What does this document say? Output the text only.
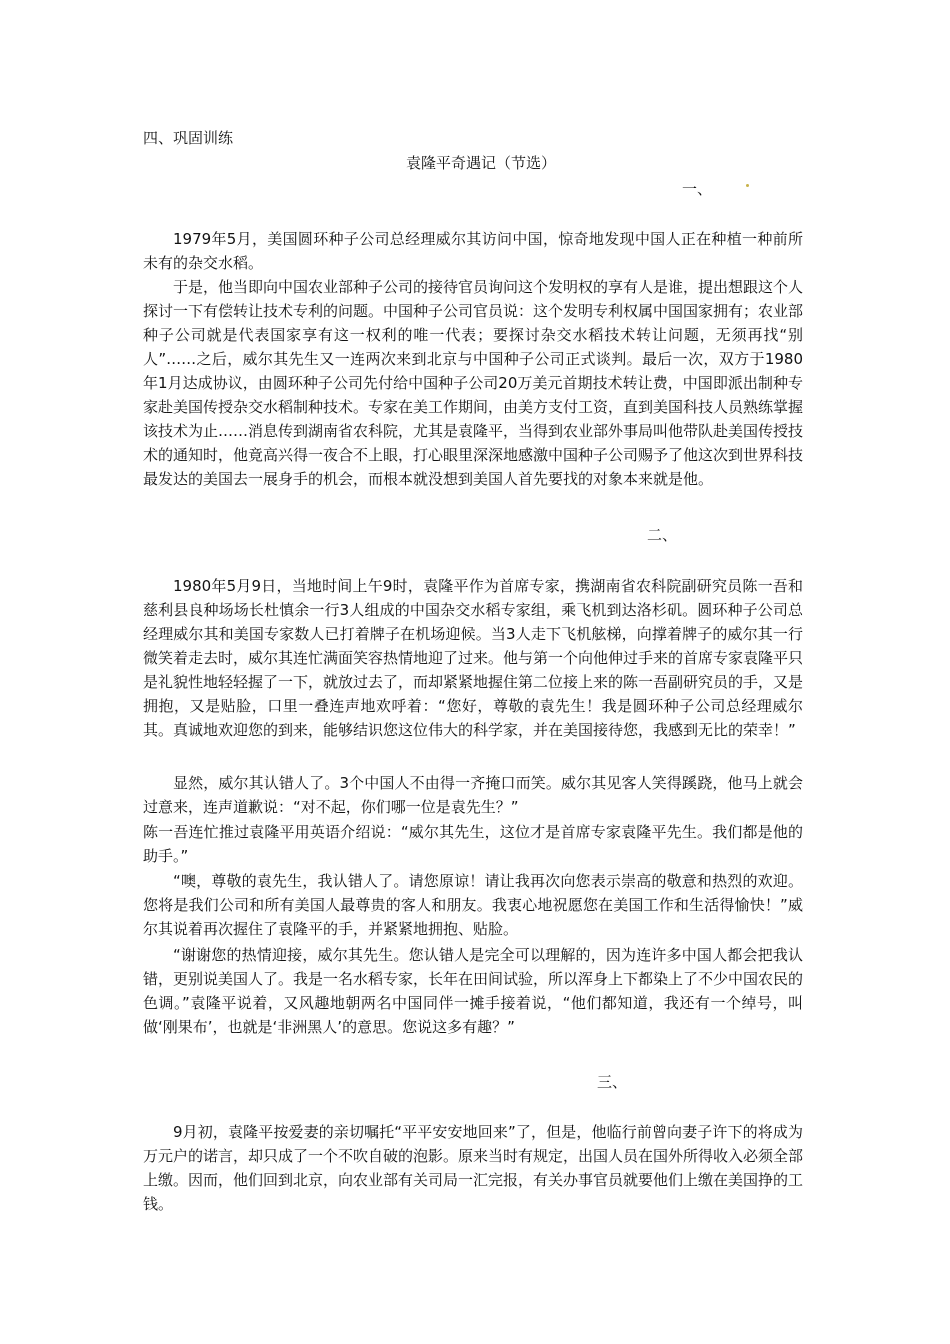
四、巩固训练
袁隆平奇遇记（节选）
一、

1979年5月，美国圆环种子公司总经理威尔其访问中国，惊奇地发现中国人正在种植一种前所未有的杂交水稻。

于是，他当即向中国农业部种子公司的接待官员询问这个发明权的享有人是谁，提出想跟这个人探讨一下有偿转让技术专利的问题。中国种子公司官员说：这个发明专利权属中国国家拥有；农业部种子公司就是代表国家享有这一权利的唯一代表；要探讨杂交水稻技术转让问题，无须再找“别人”……之后，威尔其先生又一连两次来到北京与中国种子公司正式谈判。最后一次，双方于1980年1月达成协议，由圆环种子公司先付给中国种子公司20万美元首期技术转让费，中国即派出制种专家赴美国传授杂交水稻制种技术。专家在美工作期间，由美方支付工资，直到美国科技人员熟练掌握该技术为止……消息传到湖南省农科院，尤其是袁隆平，当得到农业部外事局叫他带队赴美国传授技术的通知时，他竟高兴得一夜合不上眼，打心眼里深深地感激中国种子公司赐予了他这次到世界科技最发达的美国去一展身手的机会，而根本就没想到美国人首先要找的对象本来就是他。

二、

1980年5月9日，当地时间上午9时，袁隆平作为首席专家，携湖南省农科院副研究员陈一吾和慈利县良种场场长杜慎余一行3人组成的中国杂交水稻专家组，乘飞机到达洛杉矶。圆环种子公司总经理威尔其和美国专家数人已打着牌子在机场迎候。当3人走下飞机舷梯，向撑着牌子的威尔其一行微笑着走去时，威尔其连忙满面笑容热情地迎了过来。他与第一个向他伸过手来的首席专家袁隆平只是礼貌性地轻轻握了一下，就放过去了，而却紧紧地握住第二位接上来的陈一吾副研究员的手，又是拥抱，又是贴脸，口里一叠连声地欢呼着：“您好，尊敬的袁先生！我是圆环种子公司总经理威尔其。真诚地欢迎您的到来，能够结识您这位伟大的科学家，并在美国接待您，我感到无比的荣幸！”

显然，威尔其认错人了。3个中国人不由得一齐掩口而笑。威尔其见客人笑得蹊跷，他马上就会过意来，连声道歉说：“对不起，你们哪一位是袁先生？”

陈一吾连忙推过袁隆平用英语介绍说：“威尔其先生，这位才是首席专家袁隆平先生。我们都是他的助手。”

“噢，尊敬的袁先生，我认错人了。请您原谅！请让我再次向您表示崇高的敬意和热烈的欢迎。您将是我们公司和所有美国人最尊贵的客人和朋友。我衷心地祝愿您在美国工作和生活得愉快！”威尔其说着再次握住了袁隆平的手，并紧紧地拥抱、贴脸。

“谢谢您的热情迎接，威尔其先生。您认错人是完全可以理解的，因为连许多中国人都会把我认错，更别说美国人了。我是一名水稻专家，长年在田间试验，所以浑身上下都染上了不少中国农民的色调。”袁隆平说着，又风趣地朝两名中国同伴一摊手接着说，“他们都知道，我还有一个绰号，叫做‘刚果布’，也就是‘非洲黑人’的意思。您说这多有趣？”

三、

9月初，袁隆平按爱妻的亲切嘱托“平平安安地回来”了，但是，他临行前曾向妻子许下的将成为万元户的诺言，却只成了一个不吹自破的泡影。原来当时有规定，出国人员在国外所得收入必须全部上缴。因而，他们回到北京，向农业部有关司局一汇完报，有关办事官员就要他们上缴在美国挣的工钱。
